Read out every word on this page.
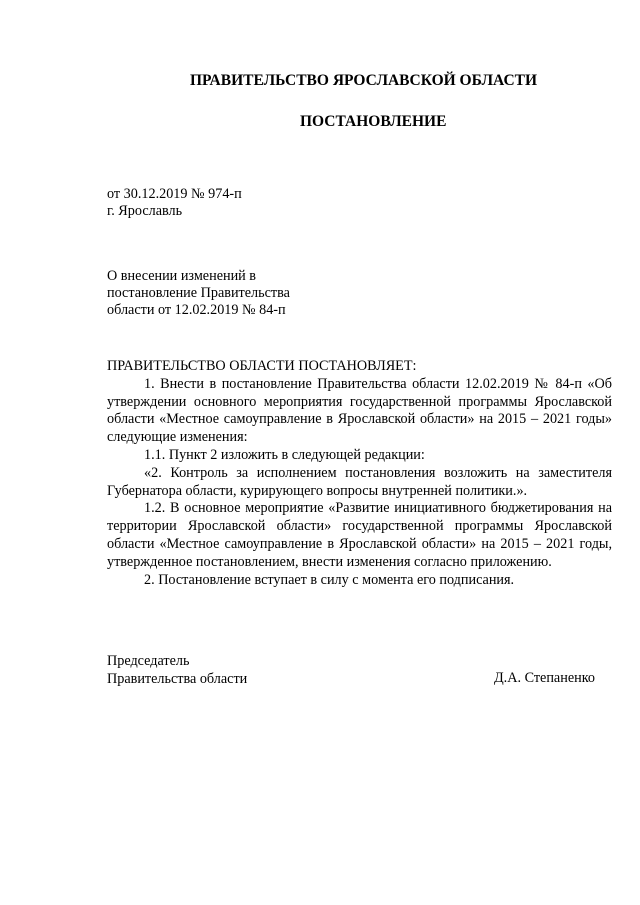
ПРАВИТЕЛЬСТВО ЯРОСЛАВСКОЙ ОБЛАСТИ
ПОСТАНОВЛЕНИЕ
от 30.12.2019 № 974-п
г. Ярославль
О внесении изменений в
постановление Правительства
области от 12.02.2019 № 84-п

ПРАВИТЕЛЬСТВО ОБЛАСТИ ПОСТАНОВЛЯЕТ:

1. Внести в постановление Правительства области 12.02.2019 № 84-п «Об утверждении основного мероприятия государственной программы Ярославской области «Местное самоуправление в Ярославской области» на 2015 – 2021 годы» следующие изменения:

1.1. Пункт 2 изложить в следующей редакции:

«2. Контроль за исполнением постановления возложить на заместителя Губернатора области, курирующего вопросы внутренней политики.».

1.2. В основное мероприятие «Развитие инициативного бюджетирования на территории Ярославской области» государственной программы Ярославской области «Местное самоуправление в Ярославской области» на 2015 – 2021 годы, утвержденное постановлением, внести изменения согласно приложению.

2. Постановление вступает в силу с момента его подписания.

Председатель
Правительства области	Д.А. Степаненко
